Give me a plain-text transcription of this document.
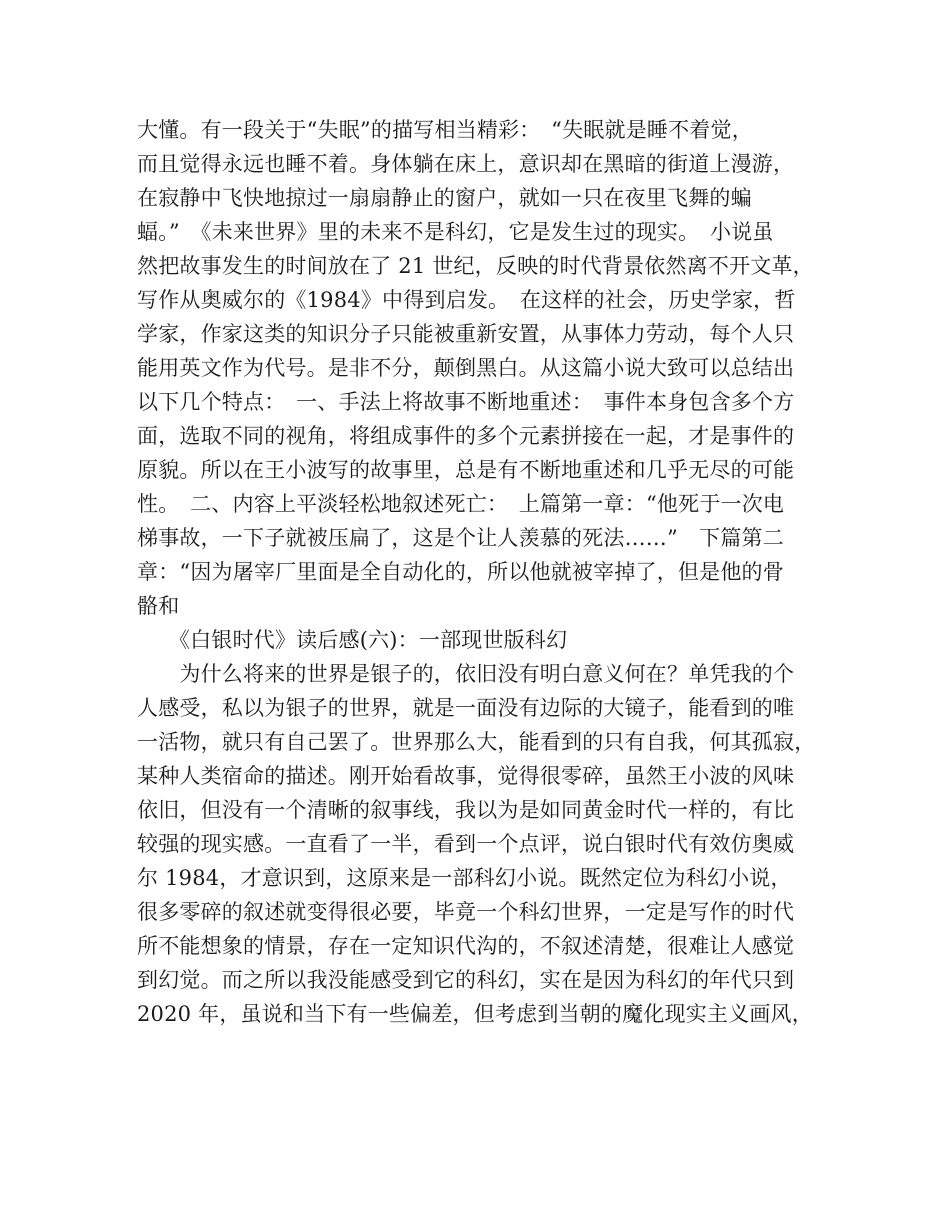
大懂。有一段关于“失眠”的描写相当精彩：　“失眠就是睡不着觉，
而且觉得永远也睡不着。身体躺在床上，意识却在黑暗的街道上漫游，
在寂静中飞快地掠过一扇扇静止的窗户，就如一只在夜里飞舞的蝙
蝠。”　《未来世界》里的未来不是科幻，它是发生过的现实。　小说虽
然把故事发生的时间放在了 21 世纪，反映的时代背景依然离不开文革，
写作从奥威尔的《1984》中得到启发。　在这样的社会，历史学家，哲
学家，作家这类的知识分子只能被重新安置，从事体力劳动，每个人只
能用英文作为代号。是非不分，颠倒黑白。从这篇小说大致可以总结出
以下几个特点：　一、手法上将故事不断地重述：　事件本身包含多个方
面，选取不同的视角，将组成事件的多个元素拼接在一起，才是事件的
原貌。所以在王小波写的故事里，总是有不断地重述和几乎无尽的可能
性。　二、内容上平淡轻松地叙述死亡：　上篇第一章：“他死于一次电
梯事故，一下子就被压扁了，这是个让人羡慕的死法……”　下篇第二
章：“因为屠宰厂里面是全自动化的，所以他就被宰掉了，但是他的骨
骼和
　　《白银时代》读后感(六)：一部现世版科幻
　　为什么将来的世界是银子的，依旧没有明白意义何在？单凭我的个
人感受，私以为银子的世界，就是一面没有边际的大镜子，能看到的唯
一活物，就只有自己罢了。世界那么大，能看到的只有自我，何其孤寂，
某种人类宿命的描述。刚开始看故事，觉得很零碎，虽然王小波的风味
依旧，但没有一个清晰的叙事线，我以为是如同黄金时代一样的，有比
较强的现实感。一直看了一半，看到一个点评，说白银时代有效仿奥威
尔 1984，才意识到，这原来是一部科幻小说。既然定位为科幻小说，
很多零碎的叙述就变得很必要，毕竟一个科幻世界，一定是写作的时代
所不能想象的情景，存在一定知识代沟的，不叙述清楚，很难让人感觉
到幻觉。而之所以我没能感受到它的科幻，实在是因为科幻的年代只到
2020 年，虽说和当下有一些偏差，但考虑到当朝的魔化现实主义画风，
